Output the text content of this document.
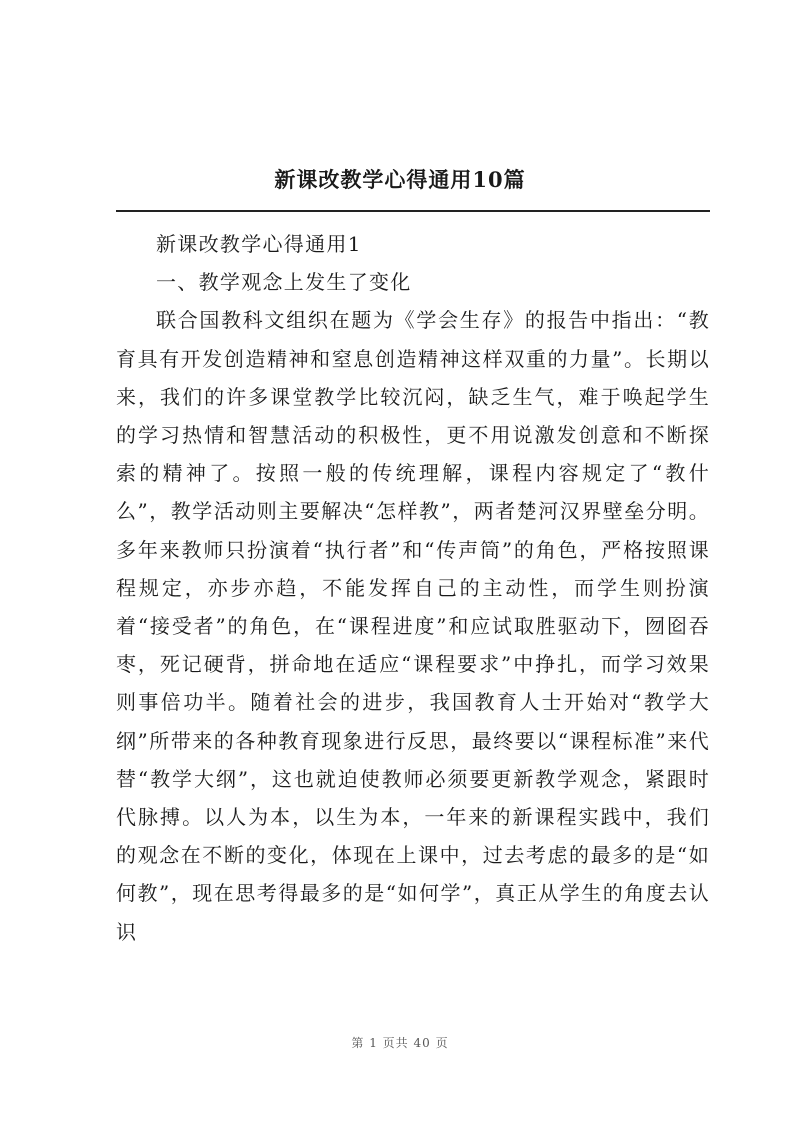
新课改教学心得通用10篇

新课改教学心得通用1

一、教学观念上发生了变化

联合国教科文组织在题为《学会生存》的报告中指出：“教育具有开发创造精神和窒息创造精神这样双重的力量”。长期以来，我们的许多课堂教学比较沉闷，缺乏生气，难于唤起学生的学习热情和智慧活动的积极性，更不用说激发创意和不断探索的精神了。按照一般的传统理解，课程内容规定了“教什么”，教学活动则主要解决“怎样教”，两者楚河汉界壁垒分明。多年来教师只扮演着“执行者”和“传声筒”的角色，严格按照课程规定，亦步亦趋，不能发挥自己的主动性，而学生则扮演着“接受者”的角色，在“课程进度”和应试取胜驱动下，囫囵吞枣，死记硬背，拼命地在适应“课程要求”中挣扎，而学习效果则事倍功半。随着社会的进步，我国教育人士开始对“教学大纲”所带来的各种教育现象进行反思，最终要以“课程标准”来代替“教学大纲”，这也就迫使教师必须要更新教学观念，紧跟时代脉搏。以人为本，以生为本，一年来的新课程实践中，我们的观念在不断的变化，体现在上课中，过去考虑的最多的是“如何教”，现在思考得最多的是“如何学”，真正从学生的角度去认识

第 1 页共 40 页
